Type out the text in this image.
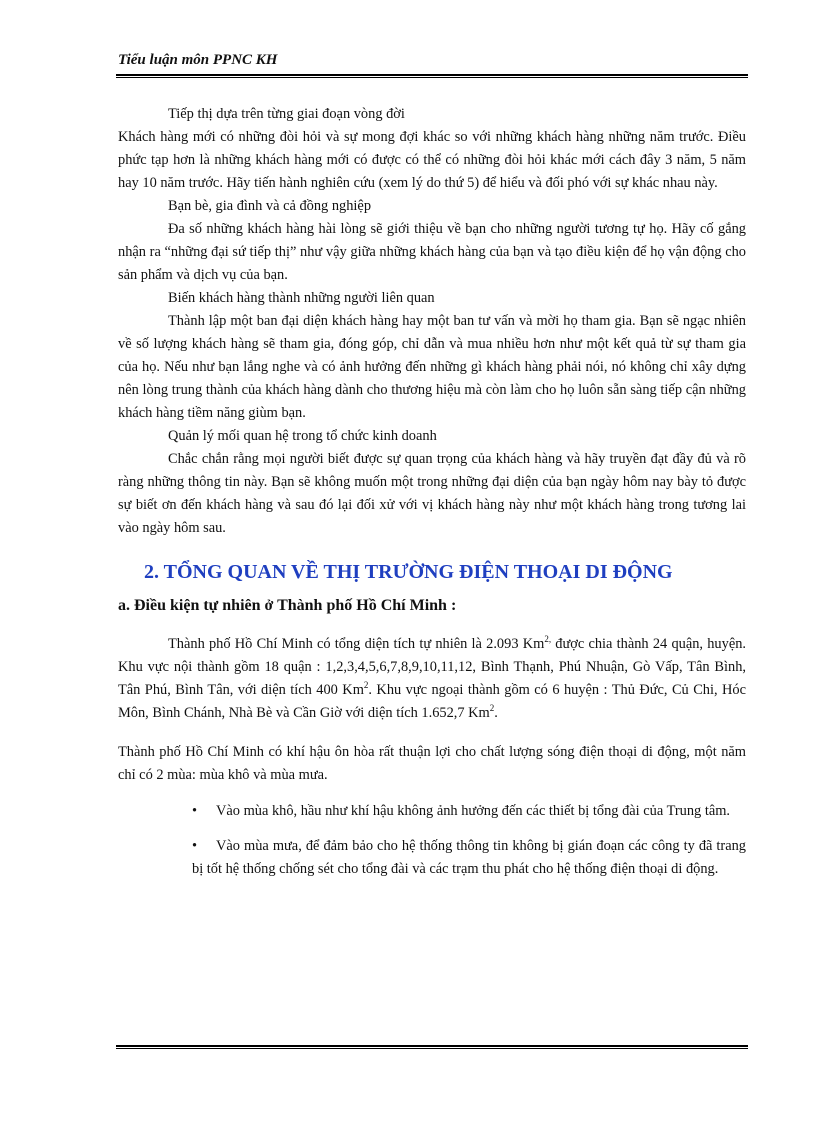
Tiểu luận môn PPNC KH

Tiếp thị dựa trên từng giai đoạn vòng đời

Khách hàng mới có những đòi hỏi và sự mong đợi khác so với những khách hàng những năm trước. Điều phức tạp hơn là những khách hàng mới có được có thể có những đòi hỏi khác mới cách đây 3 năm, 5 năm hay 10 năm trước. Hãy tiến hành nghiên cứu (xem lý do thứ 5) để hiểu và đối phó với sự khác nhau này.

Bạn bè, gia đình và cả đồng nghiệp

Đa số những khách hàng hài lòng sẽ giới thiệu về bạn cho những người tương tự họ. Hãy cố gắng nhận ra “những đại sứ tiếp thị” như vậy giữa những khách hàng của bạn và tạo điều kiện để họ vận động cho sản phẩm và dịch vụ của bạn.

Biến khách hàng thành những người liên quan

Thành lập một ban đại diện khách hàng hay một ban tư vấn và mời họ tham gia. Bạn sẽ ngạc nhiên về số lượng khách hàng sẽ tham gia, đóng góp, chỉ dẫn và mua nhiều hơn như một kết quả từ sự tham gia của họ. Nếu như bạn lắng nghe và có ảnh hưởng đến những gì khách hàng phải nói, nó không chỉ xây dựng nên lòng trung thành của khách hàng dành cho thương hiệu mà còn làm cho họ luôn sẵn sàng tiếp cận những khách hàng tiềm năng giùm bạn.

Quản lý mối quan hệ trong tổ chức kinh doanh

Chắc chắn rằng mọi người biết được sự quan trọng của khách hàng và hãy truyền đạt đầy đủ và rõ ràng những thông tin này. Bạn sẽ không muốn một trong những đại diện của bạn ngày hôm nay bày tỏ được sự biết ơn đến khách hàng và sau đó lại đối xử với vị khách hàng này như một khách hàng trong tương lai vào ngày hôm sau.

2. TỔNG QUAN VỀ THỊ TRƯỜNG ĐIỆN THOẠI DI ĐỘNG

a. Điều kiện tự nhiên ở Thành phố Hồ Chí Minh :

Thành phố Hồ Chí Minh có tổng diện tích tự nhiên là 2.093 $Km^{2,}$ được chia thành 24 quận, huyện. Khu vực nội thành gồm 18 quận : 1,2,3,4,5,6,7,8,9,10,11,12, Bình Thạnh, Phú Nhuận, Gò Vấp, Tân Bình, Tân Phú, Bình Tân, với diện tích 400 Km$^2$. Khu vực ngoại thành gồm có 6 huyện : Thủ Đức, Củ Chi, Hóc Môn, Bình Chánh, Nhà Bè và Cần Giờ với diện tích 1.652,7 Km$^2$.

Thành phố Hồ Chí Minh có khí hậu ôn hòa rất thuận lợi cho chất lượng sóng điện thoại di động, một năm chỉ có 2 mùa: mùa khô và mùa mưa.

• Vào mùa khô, hầu như khí hậu không ảnh hưởng đến các thiết bị tổng đài của Trung tâm.
• Vào mùa mưa, để đảm bảo cho hệ thống thông tin không bị gián đoạn các công ty đã trang bị tốt hệ thống chống sét cho tổng đài và các trạm thu phát cho hệ thống điện thoại di động.
